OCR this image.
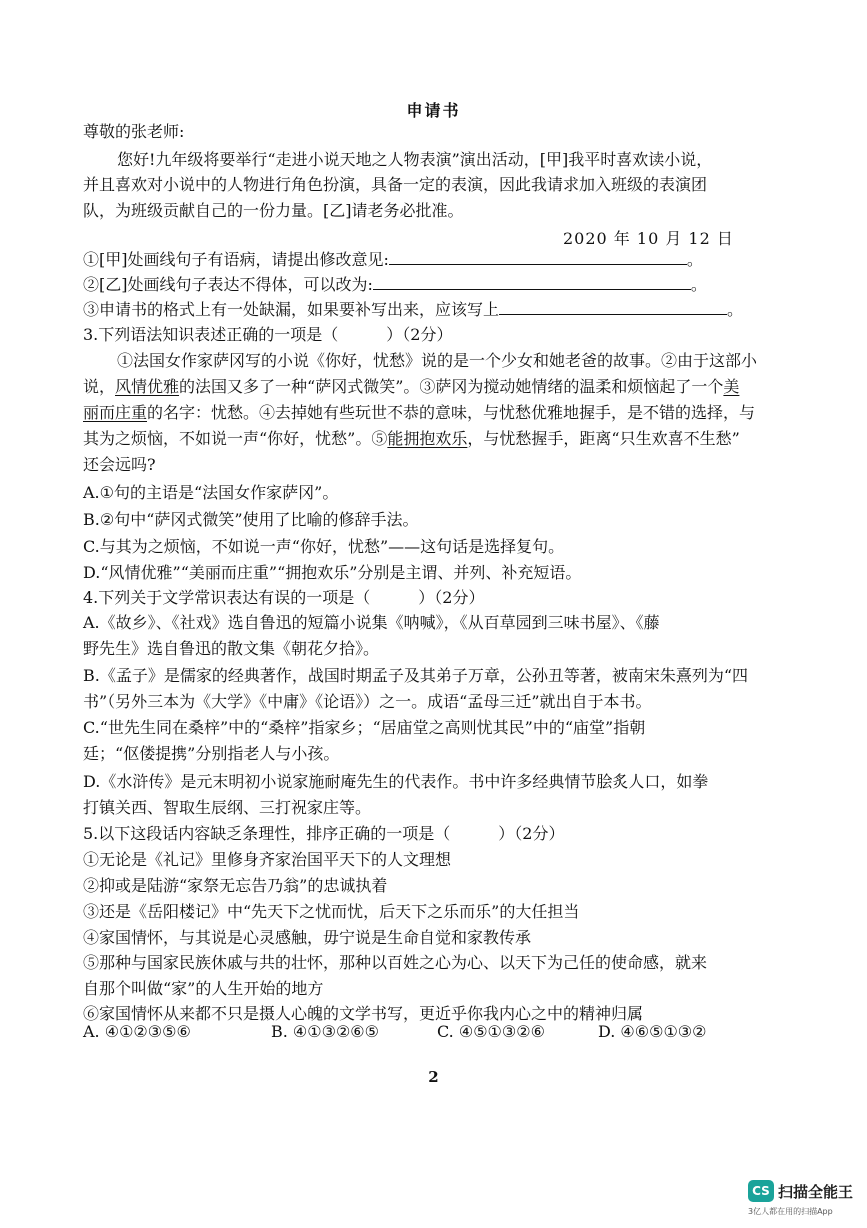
申请书
尊敬的张老师:
您好!九年级将要举行“走进小说天地之人物表演”演出活动，[甲]我平时喜欢读小说，
并且喜欢对小说中的人物进行角色扮演，具备一定的表演，因此我请求加入班级的表演团
队，为班级贡献自己的一份力量。[乙]请老务必批准。
2020 年 10 月 12 日
①[甲]处画线句子有语病，请提出修改意见:	。
②[乙]处画线句子表达不得体，可以改为:	。
③申请书的格式上有一处缺漏，如果要补写出来，应该写上	。
3.下列语法知识表述正确的一项是（　　　）（2分）
①法国女作家萨冈写的小说《你好，忧愁》说的是一个少女和她老爸的故事。②由于这部小
说，风情优雅的法国又多了一种“萨冈式微笑”。③萨冈为搅动她情绪的温柔和烦恼起了一个美
丽而庄重的名字：忧愁。④去掉她有些玩世不恭的意味，与忧愁优雅地握手，是不错的选择，与
其为之烦恼，不如说一声“你好，忧愁”。⑤能拥抱欢乐，与忧愁握手，距离“只生欢喜不生愁”
还会远吗?
A.①句的主语是“法国女作家萨冈”。
B.②句中“萨冈式微笑”使用了比喻的修辞手法。
C.与其为之烦恼，不如说一声“你好，忧愁”——这句话是选择复句。
D.“风情优雅”“美丽而庄重”“拥抱欢乐”分别是主谓、并列、补充短语。
4.下列关于文学常识表达有误的一项是（　　　）（2分）
A.《故乡》、《社戏》选自鲁迅的短篇小说集《呐喊》，《从百草园到三味书屋》、《藤
野先生》选自鲁迅的散文集《朝花夕拾》。
B.《孟子》是儒家的经典著作，战国时期孟子及其弟子万章，公孙丑等著，被南宋朱熹列为“四
书”（另外三本为《大学》《中庸》《论语》）之一。成语“孟母三迁”就出自于本书。
C.“世先生同在桑梓”中的“桑梓”指家乡；“居庙堂之高则忧其民”中的“庙堂”指朝
廷；“伛偻提携”分别指老人与小孩。
D.《水浒传》是元末明初小说家施耐庵先生的代表作。书中许多经典情节脍炙人口，如拳
打镇关西、智取生辰纲、三打祝家庄等。
5.以下这段话内容缺乏条理性，排序正确的一项是（　　　）（2分）
①无论是《礼记》里修身齐家治国平天下的人文理想
②抑或是陆游“家祭无忘告乃翁”的忠诚执着
③还是《岳阳楼记》中“先天下之忧而忧，后天下之乐而乐”的大任担当
④家国情怀，与其说是心灵感触，毋宁说是生命自觉和家教传承
⑤那种与国家民族休戚与共的壮怀，那种以百姓之心为心、以天下为己任的使命感，就来
自那个叫做“家”的人生开始的地方
⑥家国情怀从来都不只是摄人心魄的文学书写，更近乎你我内心之中的精神归属
A. ④①②③⑤⑥	B. ④①③②⑥⑤	C. ④⑤①③②⑥	D. ④⑥⑤①③②
2
CS 扫描全能王
3亿人都在用的扫描App
